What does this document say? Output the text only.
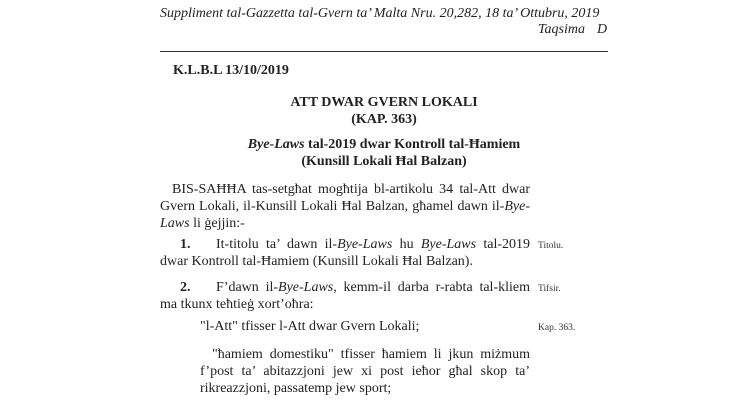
Suppliment tal-Gazzetta tal-Gvern ta’ Malta Nru. 20,282, 18 ta’ Ottubru, 2019
Taqsima D
K.L.B.L 13/10/2019
ATT DWAR GVERN LOKALI
(KAP. 363)
Bye-Laws tal-2019 dwar Kontroll tal-Ħamiem
(Kunsill Lokali Ħal Balzan)
BIS-SAĦĦA tas-setgħat mogħtija bl-artikolu 34 tal-Att dwar Gvern Lokali, il-Kunsill Lokali Ħal Balzan, għamel dawn il-Bye-Laws li ġejjin:-
1. It-titolu ta’ dawn il-Bye-Laws hu Bye-Laws tal-2019 dwar Kontroll tal-Ħamiem (Kunsill Lokali Ħal Balzan).
Titolu.
2. F’dawn il-Bye-Laws, kemm-il darba r-rabta tal-kliem ma tkunx teħtieġ xort’oħra:
Tifsir.
"l-Att" tfisser l-Att dwar Gvern Lokali;	Kap. 363.
"ħamiem domestiku" tfisser ħamiem li jkun miżmum f’post ta’ abitazzjoni jew xi post ieħor għal skop ta’ rikreazzjoni, passatemp jew sport;
